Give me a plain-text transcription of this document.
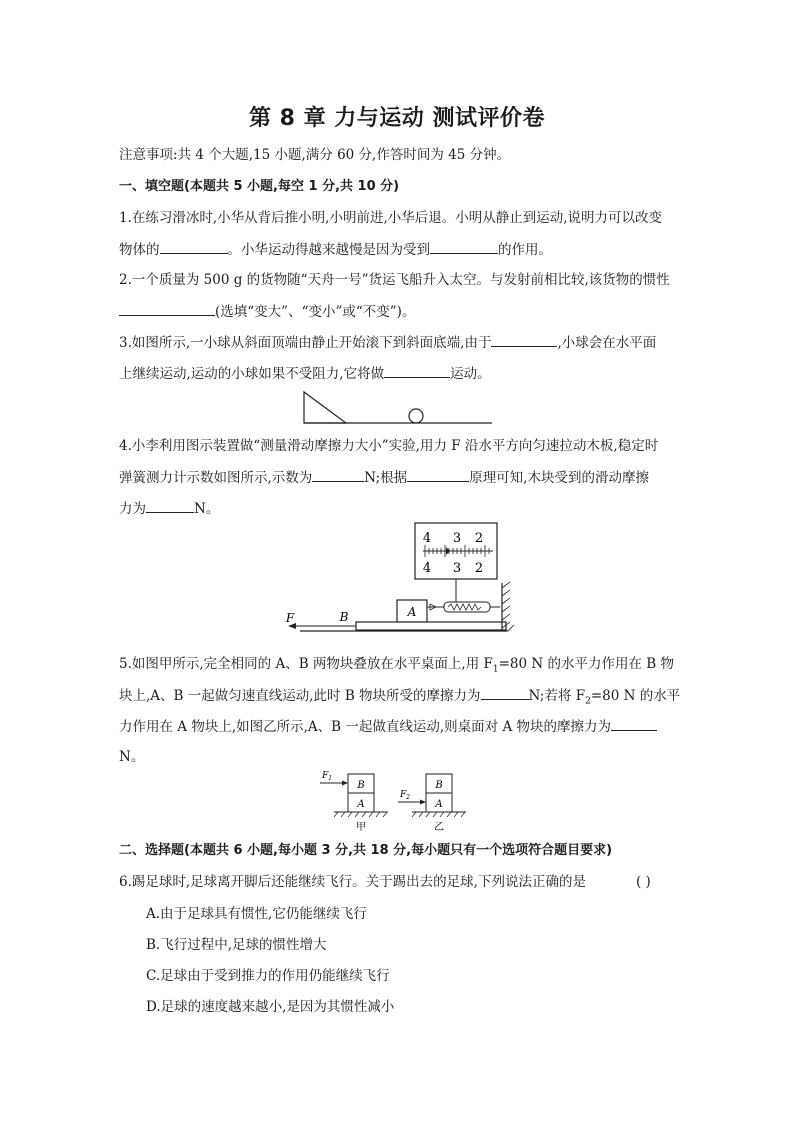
第 8 章 力与运动 测试评价卷
注意事项:共 4 个大题,15 小题,满分 60 分,作答时间为 45 分钟。
一、填空题(本题共 5 小题,每空 1 分,共 10 分)
1.在练习滑冰时,小华从背后推小明,小明前进,小华后退。小明从静止到运动,说明力可以改变
物体的	。小华运动得越来越慢是因为受到	的作用。
2.一个质量为 500 g 的货物随“天舟一号”货运飞船升入太空。与发射前相比较,该货物的惯性
(选填“变大”、“变小”或“不变”)。
3.如图所示,一小球从斜面顶端由静止开始滚下到斜面底端,由于	,小球会在水平面
上继续运动,运动的小球如果不受阻力,它将做	运动。
4.小李利用图示装置做“测量滑动摩擦力大小”实验,用力 F 沿水平方向匀速拉动木板,稳定时
弹簧测力计示数如图所示,示数为	N;根据	原理可知,木块受到的滑动摩擦
力为	N。
4 3 2
4 3 2
A
B
F
5.如图甲所示,完全相同的 A、B 两物块叠放在水平桌面上,用 $F_1=80$ N 的水平力作用在 B 物
块上,A、B 一起做匀速直线运动,此时 B 物块所受的摩擦力为	N;若将 $F_2=80$ N 的水平
力作用在 A 物块上,如图乙所示,A、B 一起做直线运动,则桌面对 A 物块的摩擦力为
N。
B
A
$F_1$
甲
B
A
$F_2$
乙
二、选择题(本题共 6 小题,每小题 3 分,共 18 分,每小题只有一个选项符合题目要求)
6.踢足球时,足球离开脚后还能继续飞行。关于踢出去的足球,下列说法正确的是	( )
A.由于足球具有惯性,它仍能继续飞行
B.飞行过程中,足球的惯性增大
C.足球由于受到推力的作用仍能继续飞行
D.足球的速度越来越小,是因为其惯性减小
